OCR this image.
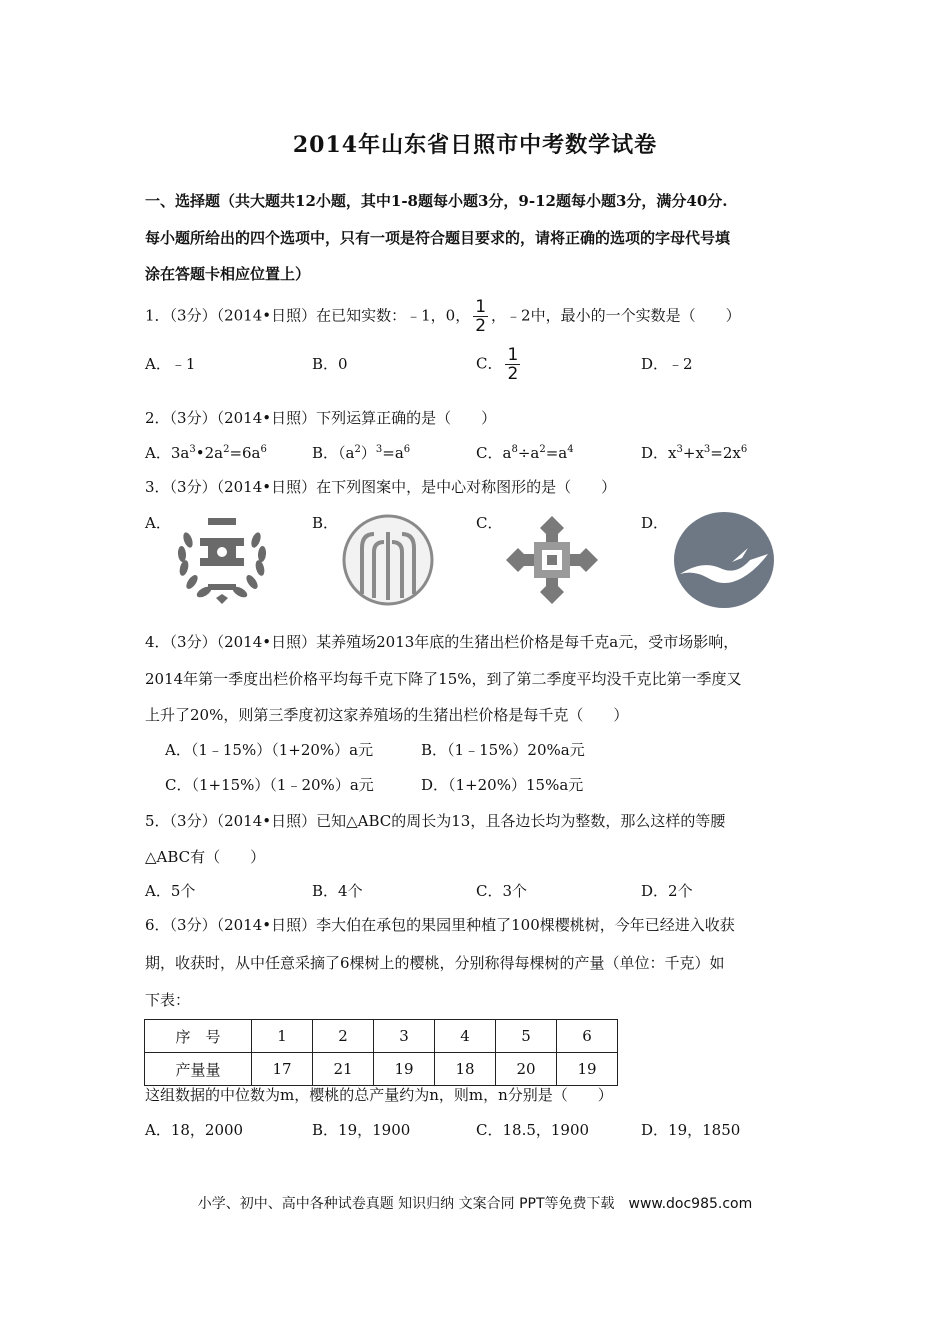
2014年山东省日照市中考数学试卷
一、选择题（共大题共12小题，其中1-8题每小题3分，9-12题每小题3分，满分40分.
每小题所给出的四个选项中，只有一项是符合题目要求的，请将正确的选项的字母代号填
涂在答题卡相应位置上）
1．（3分）（2014•日照）在已知实数：﹣1，0， $\frac{1}{2}$ ，﹣2中，最小的一个实数是（　　）
A．﹣1	B．0	C． $\frac{1}{2}$	D．﹣2
2．（3分）（2014•日照）下列运算正确的是（　　）
A．$3a^3•2a^2=6a^6$	B．$(a^2)^3=a^6$	C．$a^8\div a^2=a^4$	D．$x^3+x^3=2x^6$
3．（3分）（2014•日照）在下列图案中，是中心对称图形的是（　　）
A．	B．	C．	D．
4．（3分）（2014•日照）某养殖场2013年底的生猪出栏价格是每千克a元，受市场影响，
2014年第一季度出栏价格平均每千克下降了15%，到了第二季度平均没千克比第一季度又
上升了20%，则第三季度初这家养殖场的生猪出栏价格是每千克（　　）
A．（1﹣15%）（1+20%）a元	B．（1﹣15%）20%a元
C．（1+15%）（1﹣20%）a元	D．（1+20%）15%a元
5．（3分）（2014•日照）已知△ABC的周长为13，且各边长均为整数，那么这样的等腰
△ABC有（　　）
A．5个	B．4个	C．3个	D．2个
6．（3分）（2014•日照）李大伯在承包的果园里种植了100棵樱桃树，今年已经进入收获
期，收获时，从中任意采摘了6棵树上的樱桃，分别称得每棵树的产量（单位：千克）如
下表：
序　号	1	2	3	4	5	6
产量量	17	21	19	18	20	19
这组数据的中位数为m，樱桃的总产量约为n，则m，n分别是（　　）
A．18，2000	B．19，1900	C．18.5，1900	D．19，1850
小学、初中、高中各种试卷真题 知识归纳 文案合同 PPT等免费下载　www.doc985.com
